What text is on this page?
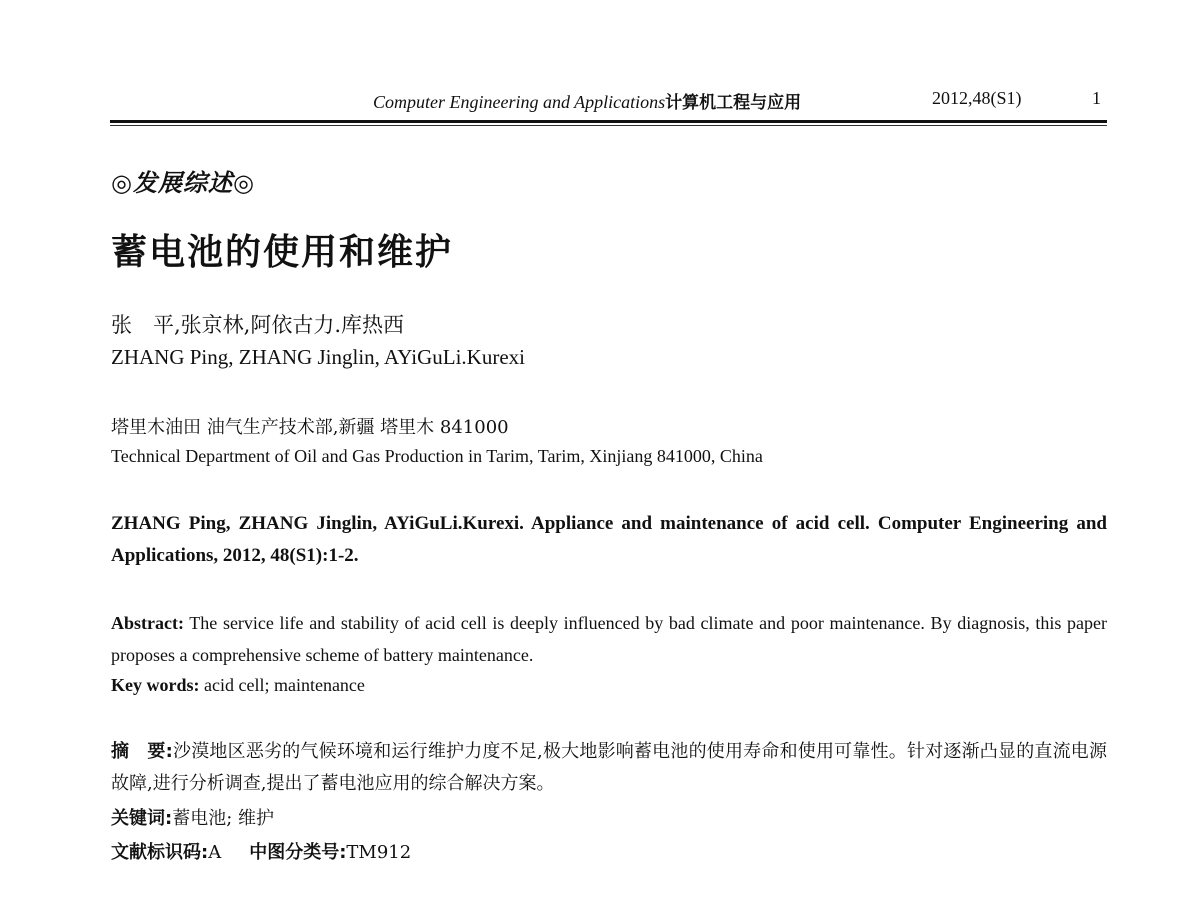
Computer Engineering and Applications计算机工程与应用	2012,48(S1)	1
◎发展综述◎
蓄电池的使用和维护
张　平,张京林,阿依古力.库热西
ZHANG Ping, ZHANG Jinglin, AYiGuLi.Kurexi
塔里木油田 油气生产技术部,新疆 塔里木 841000
Technical Department of Oil and Gas Production in Tarim, Tarim, Xinjiang 841000, China
ZHANG Ping, ZHANG Jinglin, AYiGuLi.Kurexi. Appliance and maintenance of acid cell. Computer Engineering and Applications, 2012, 48(S1):1-2.
Abstract: The service life and stability of acid cell is deeply influenced by bad climate and poor maintenance. By diagnosis, this paper proposes a comprehensive scheme of battery maintenance.
Key words: acid cell; maintenance
摘　要:沙漠地区恶劣的气候环境和运行维护力度不足,极大地影响蓄电池的使用寿命和使用可靠性。针对逐渐凸显的直流电源故障,进行分析调查,提出了蓄电池应用的综合解决方案。
关键词:蓄电池; 维护
文献标识码:A 中图分类号:TM912
